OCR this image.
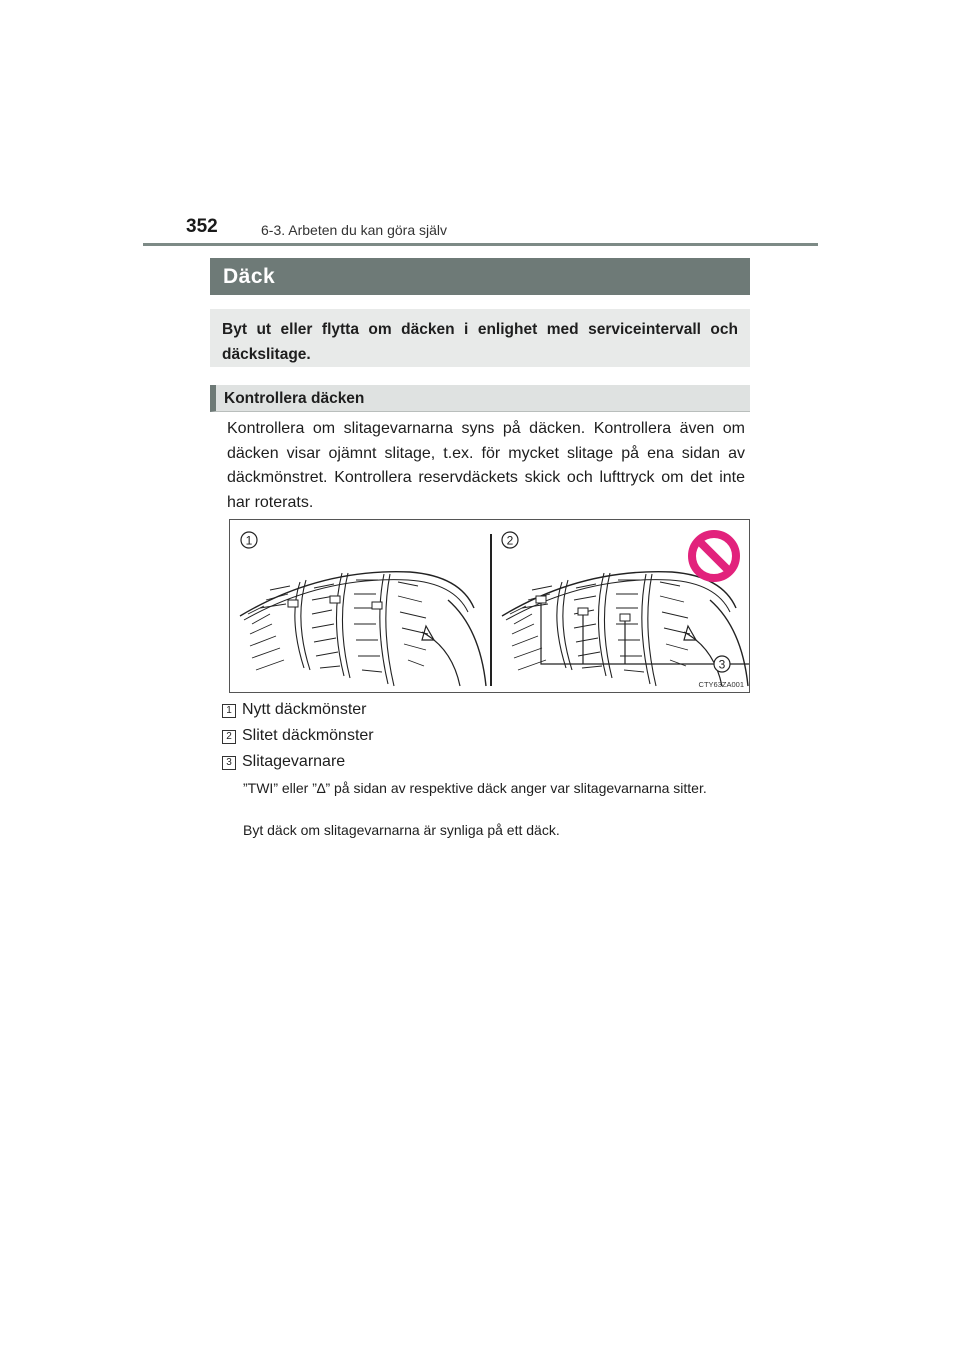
352	6-3. Arbeten du kan göra själv
Däck
Byt ut eller flytta om däcken i enlighet med serviceintervall och däckslitage.
Kontrollera däcken
Kontrollera om slitagevarnarna syns på däcken. Kontrollera även om däcken visar ojämnt slitage, t.ex. för mycket slitage på ena sidan av däckmönstret. Kontrollera reservdäckets skick och lufttryck om det inte har roterats.
1	2
3
CTY63ZA001
1 Nytt däckmönster
2 Slitet däckmönster
3 Slitagevarnare
”TWI” eller ”∆” på sidan av respektive däck anger var slitagevarnarna sitter.
Byt däck om slitagevarnarna är synliga på ett däck.
